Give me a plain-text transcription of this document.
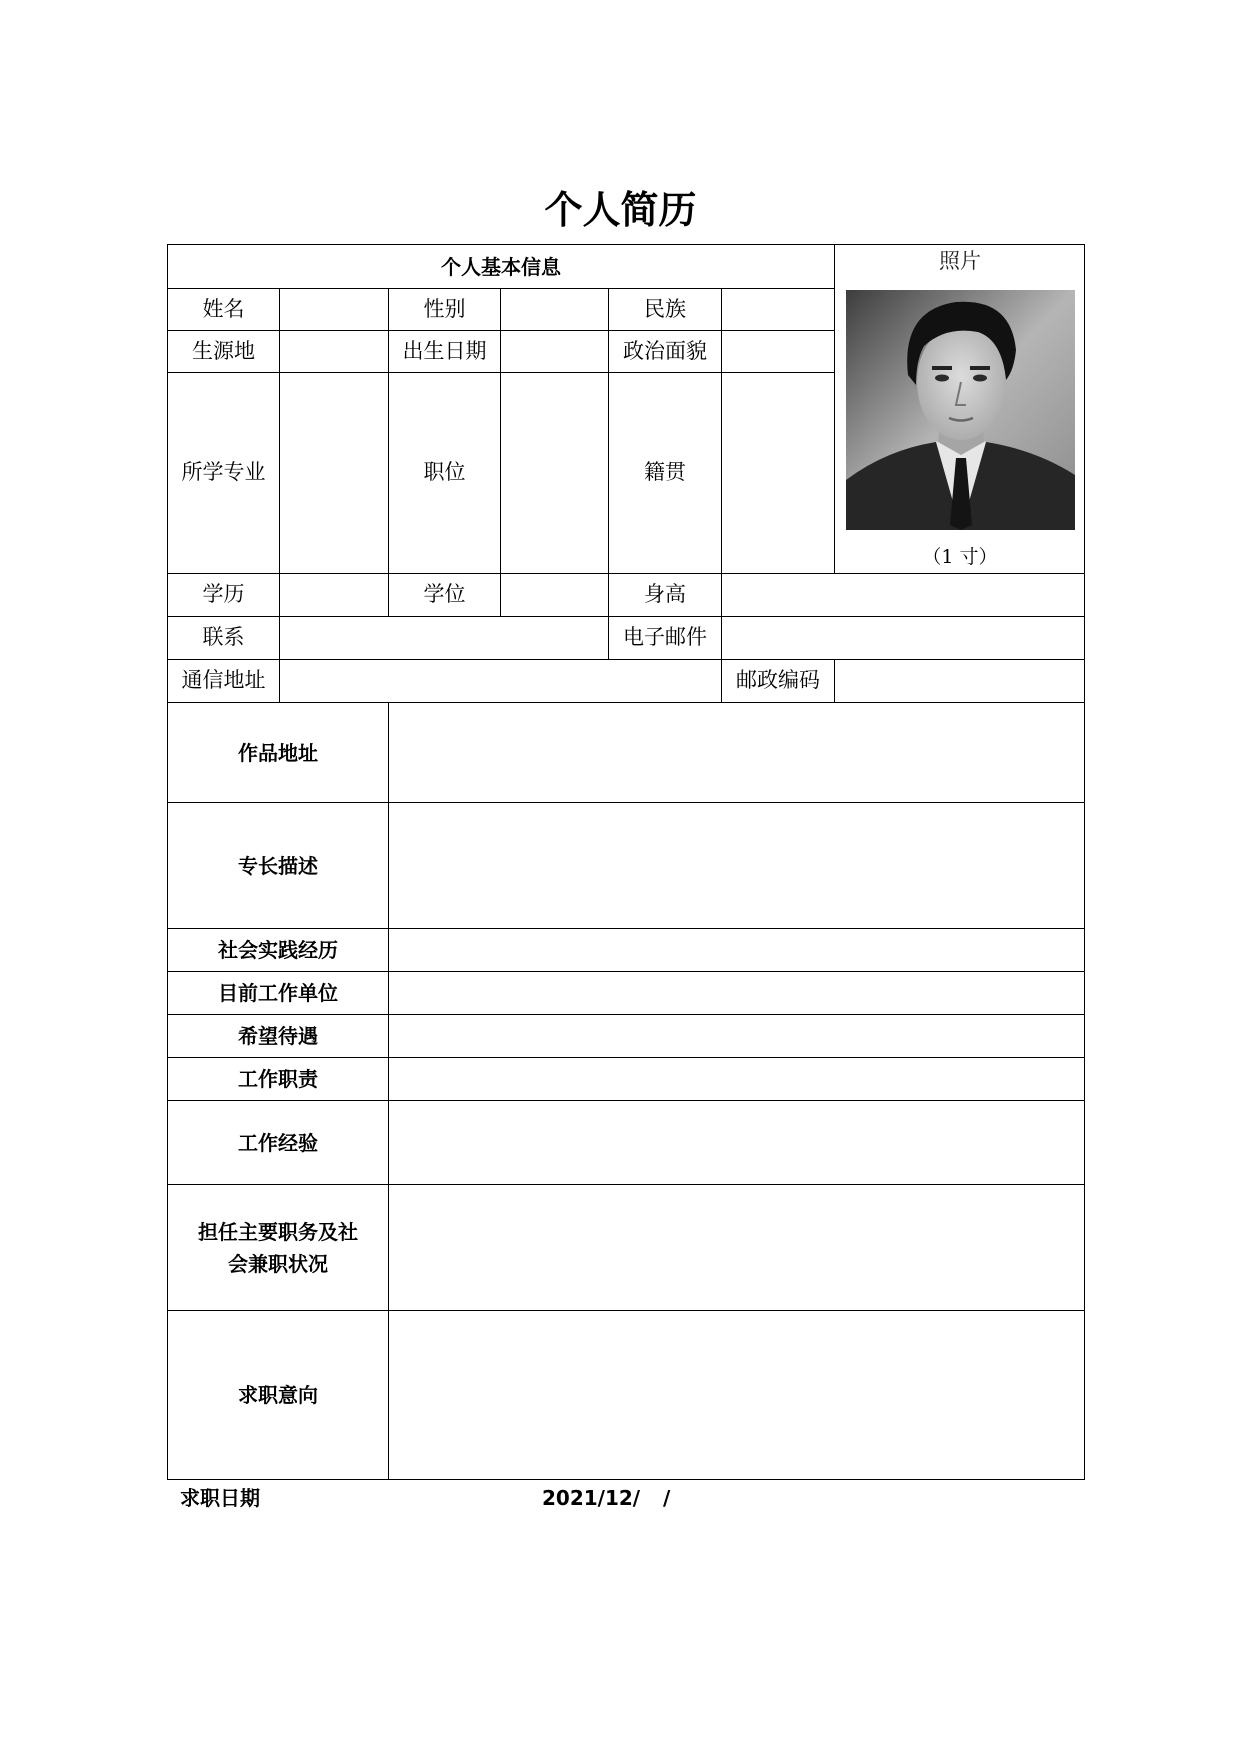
个人简历
个人基本信息	照片
（1 寸）
姓名	性别	民族
生源地	出生日期	政治面貌
所学专业	职位	籍贯
学历	学位	身高
联系	电子邮件
通信地址	邮政编码
作品地址
专长描述
社会实践经历
目前工作单位
希望待遇
工作职责
工作经验
担任主要职务及社
会兼职状况
求职意向
求职日期	2021/12/ /
